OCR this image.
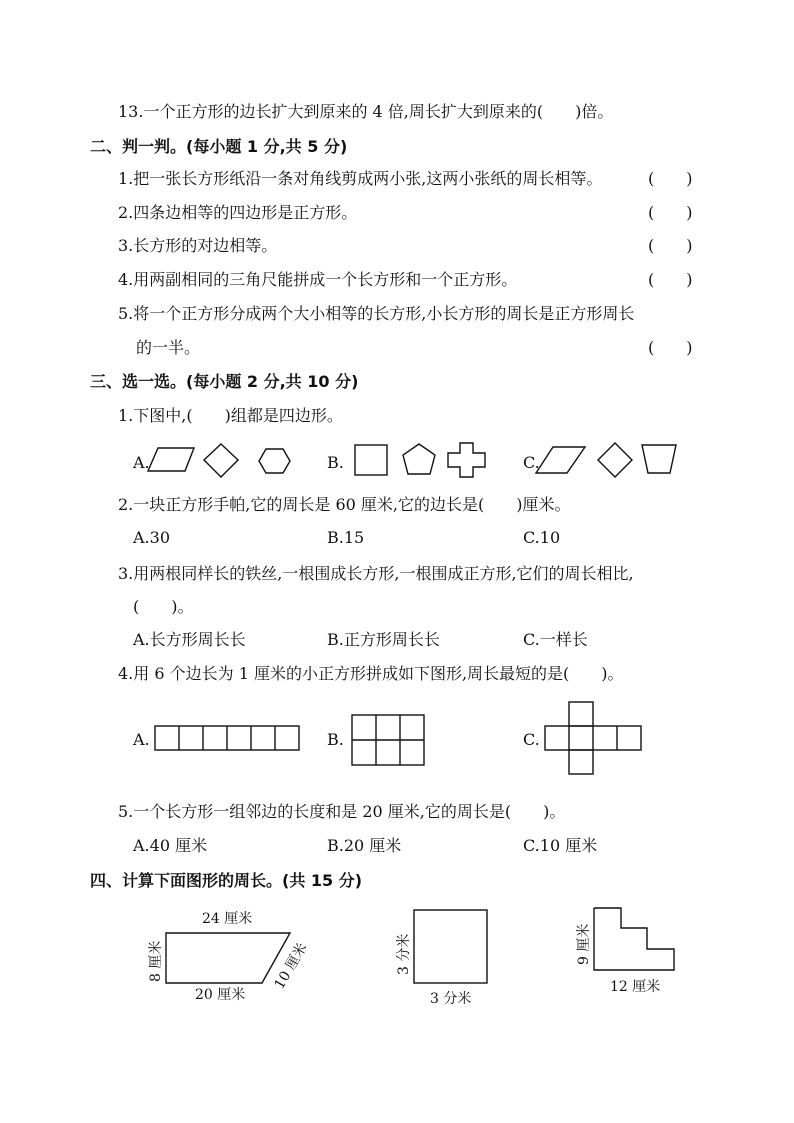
13.一个正方形的边长扩大到原来的 4 倍,周长扩大到原来的(　　)倍。
二、判一判。(每小题 1 分,共 5 分)
1.把一张长方形纸沿一条对角线剪成两小张,这两小张纸的周长相等。	(　　)
2.四条边相等的四边形是正方形。	(　　)
3.长方形的对边相等。	(　　)
4.用两副相同的三角尺能拼成一个长方形和一个正方形。	(　　)
5.将一个正方形分成两个大小相等的长方形,小长方形的周长是正方形周长
的一半。	(　　)
三、选一选。(每小题 2 分,共 10 分)
1.下图中,(　　)组都是四边形。
A.	B.	C.
2.一块正方形手帕,它的周长是 60 厘米,它的边长是(　　)厘米。
A.30	B.15	C.10
3.用两根同样长的铁丝,一根围成长方形,一根围成正方形,它们的周长相比,
(　　)。
A.长方形周长长	B.正方形周长长	C.一样长
4.用 6 个边长为 1 厘米的小正方形拼成如下图形,周长最短的是(　　)。
A.	B.	C.
5.一个长方形一组邻边的长度和是 20 厘米,它的周长是(　　)。
A.40 厘米	B.20 厘米	C.10 厘米
四、计算下面图形的周长。(共 15 分)
24 厘米
20 厘米
8 厘米	10 厘米	3 分米
3 分米
9 厘米
12 厘米
